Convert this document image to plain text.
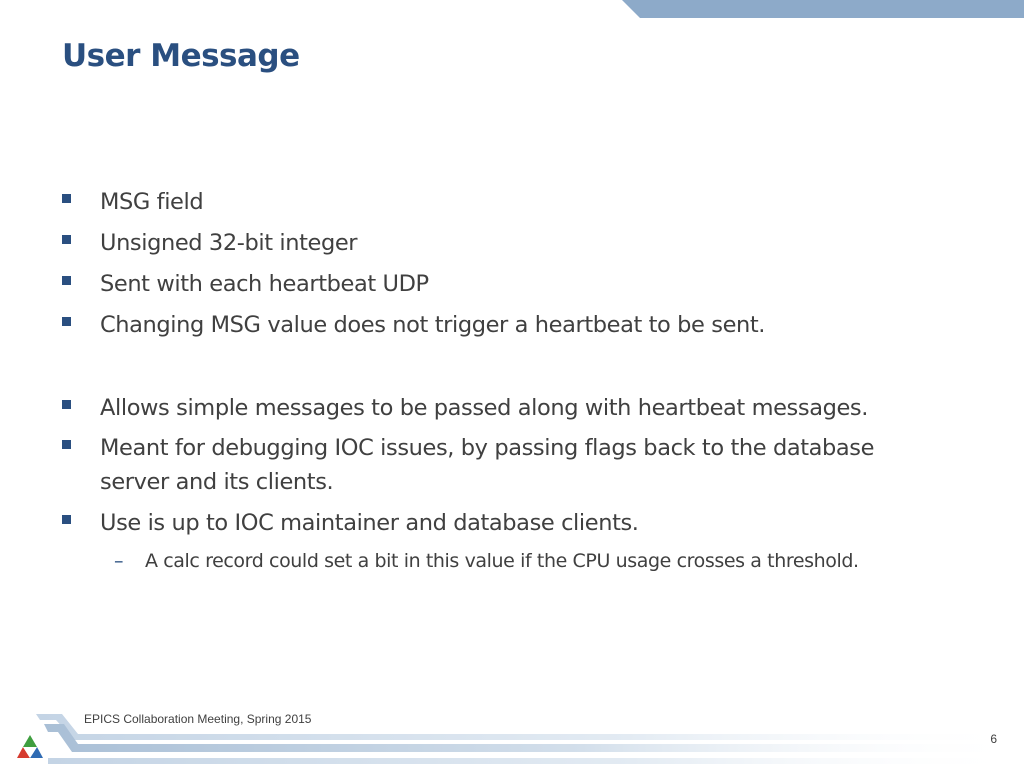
User Message
MSG field
Unsigned 32-bit integer
Sent with each heartbeat UDP
Changing MSG value does not trigger a heartbeat to be sent.
Allows simple messages to be passed along with heartbeat messages.
Meant for debugging IOC issues, by passing flags back to the database server and its clients.
Use is up to IOC maintainer and database clients.
– A calc record could set a bit in this value if the CPU usage crosses a threshold.
EPICS Collaboration Meeting, Spring 2015
6
